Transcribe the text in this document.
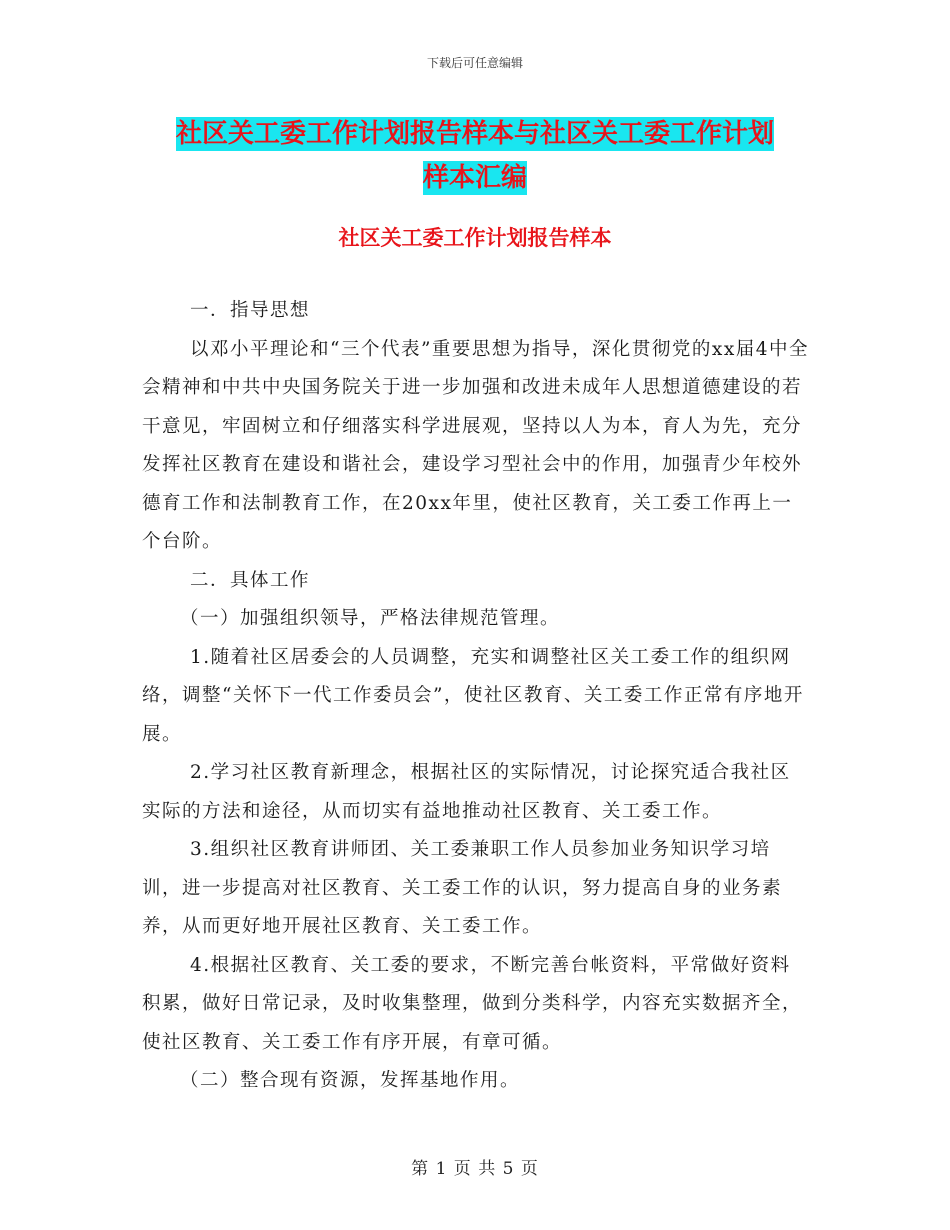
下载后可任意编辑
社区关工委工作计划报告样本与社区关工委工作计划
样本汇编
社区关工委工作计划报告样本

一．指导思想

以邓小平理论和“三个代表”重要思想为指导，深化贯彻党的xx届4中全会精神和中共中央国务院关于进一步加强和改进未成年人思想道德建设的若干意见，牢固树立和仔细落实科学进展观，坚持以人为本，育人为先，充分发挥社区教育在建设和谐社会，建设学习型社会中的作用，加强青少年校外德育工作和法制教育工作，在20xx年里，使社区教育，关工委工作再上一个台阶。

二．具体工作

（一）加强组织领导，严格法律规范管理。

1.随着社区居委会的人员调整，充实和调整社区关工委工作的组织网络，调整“关怀下一代工作委员会”，使社区教育、关工委工作正常有序地开展。

2.学习社区教育新理念，根据社区的实际情况，讨论探究适合我社区实际的方法和途径，从而切实有益地推动社区教育、关工委工作。

3.组织社区教育讲师团、关工委兼职工作人员参加业务知识学习培训，进一步提高对社区教育、关工委工作的认识，努力提高自身的业务素养，从而更好地开展社区教育、关工委工作。

4.根据社区教育、关工委的要求，不断完善台帐资料，平常做好资料积累，做好日常记录，及时收集整理，做到分类科学，内容充实数据齐全，使社区教育、关工委工作有序开展，有章可循。

（二）整合现有资源，发挥基地作用。

第 1 页 共 5 页
